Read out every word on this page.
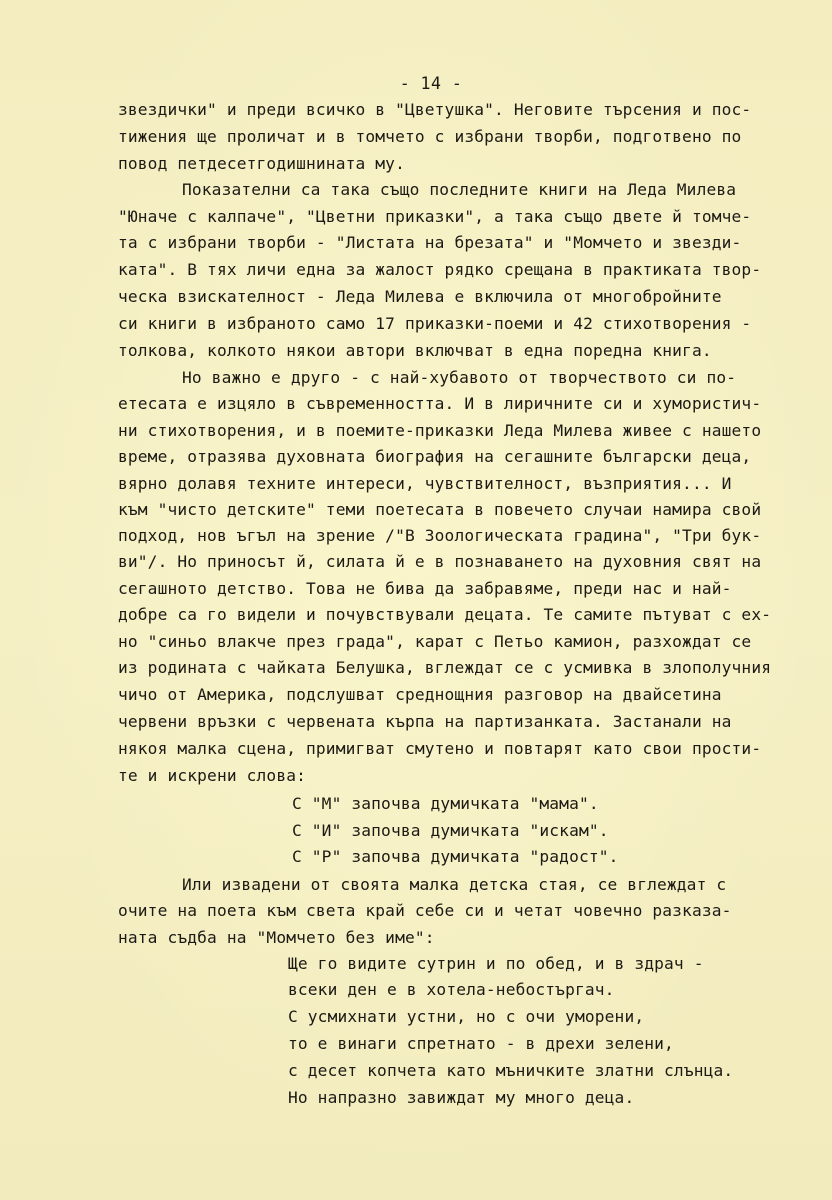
- 14 -
звездички" и преди всичко в "Цветушка". Неговите търсения и пос-
тижения ще проличат и в томчето с избрани творби, подготвено по
повод петдесетгодишнината му.
Показателни са така също последните книги на Леда Милева
"Юначе с калпаче", "Цветни приказки", а така също двете й томче-
та с избрани творби - "Листата на брезата" и "Момчето и звезди-
ката". В тях личи една за жалост рядко срещана в практиката твор-
ческа взискателност - Леда Милева е включила от многобройните
си книги в избраното само 17 приказки-поеми и 42 стихотворения -
толкова, колкото някои автори включват в една поредна книга.
Но важно е друго - с най-хубавото от творчеството си по-
етесата е изцяло в съвременността. И в лиричните си и хумористич-
ни стихотворения, и в поемите-приказки Леда Милева живее с нашето
време, отразява духовната биография на сегашните български деца,
вярно долавя техните интереси, чувствителност, възприятия... И
към "чисто детските" теми поетесата в повечето случаи намира свой
подход, нов ъгъл на зрение /"В Зоологическата градина", "Три бук-
ви"/. Но приносът й, силата й е в познаването на духовния свят на
сегашното детство. Това не бива да забравяме, преди нас и най-
добре са го видели и почувствували децата. Те самите пътуват с ех-
но "синьо влакче през града", карат с Петьо камион, разхождат се
из родината с чайката Белушка, вглеждат се с усмивка в злополучния
чичо от Америка, подслушват среднощния разговор на двайсетина
червени връзки с червената кърпа на партизанката. Застанали на
някоя малка сцена, примигват смутено и повтарят като свои прости-
те и искрени слова:
С "М" започва думичката "мама".
С "И" започва думичката "искам".
С "Р" започва думичката "радост".
Или извадени от своята малка детска стая, се вглеждат с
очите на поета към света край себе си и четат човечно разказа-
ната съдба на "Момчето без име":
Ще го видите сутрин и по обед, и в здрач -
всеки ден е в хотела-небостъргач.
С усмихнати устни, но с очи уморени,
то е винаги спретнато - в дрехи зелени,
с десет копчета като мъничките златни слънца.
Но напразно завиждат му много деца.
